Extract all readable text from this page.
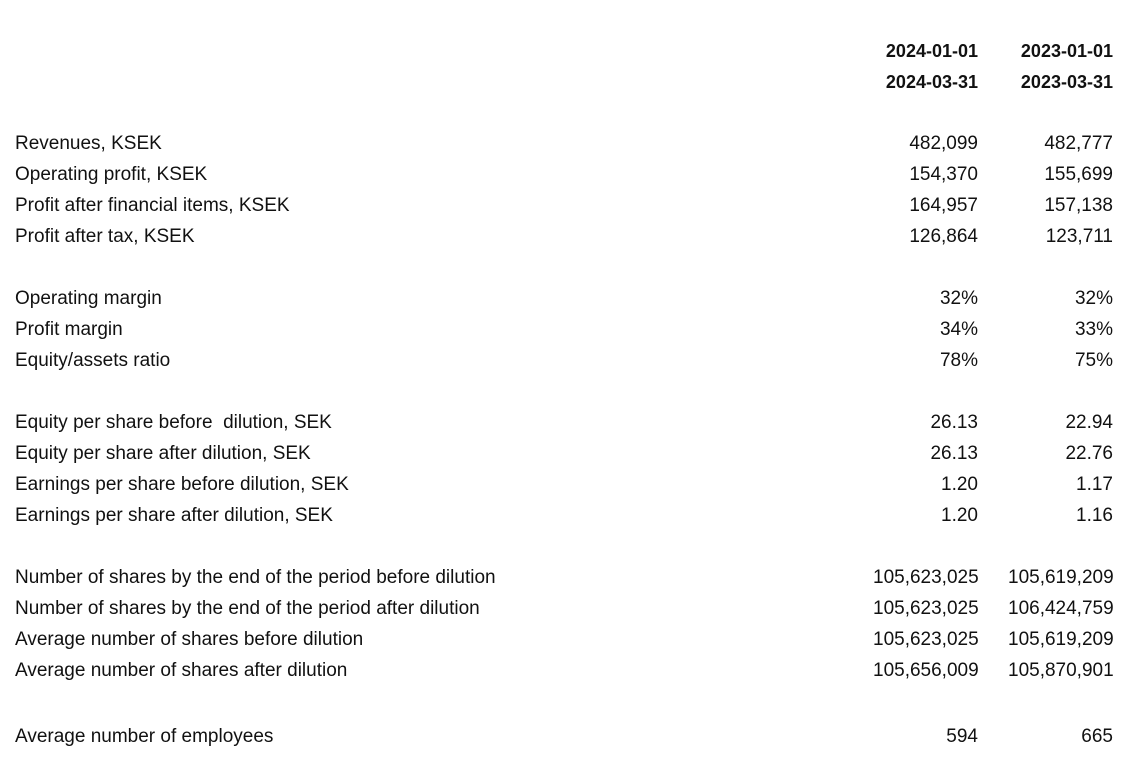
2024-01-01
2024-03-31
2023-01-01
2023-03-31
Revenues, KSEK	482,099	482,777
Operating profit, KSEK	154,370	155,699
Profit after financial items, KSEK	164,957	157,138
Profit after tax, KSEK	126,864	123,711
Operating margin	32%	32%
Profit margin	34%	33%
Equity/assets ratio	78%	75%
Equity per share before  dilution, SEK	26.13	22.94
Equity per share after dilution, SEK	26.13	22.76
Earnings per share before dilution, SEK	1.20	1.17
Earnings per share after dilution, SEK	1.20	1.16
Number of shares by the end of the period before dilution	105,623,025 105,619,209
Number of shares by the end of the period after dilution	105,623,025 106,424,759
Average number of shares before dilution	105,623,025 105,619,209
Average number of shares after dilution	105,656,009 105,870,901
Average number of employees	594	665
